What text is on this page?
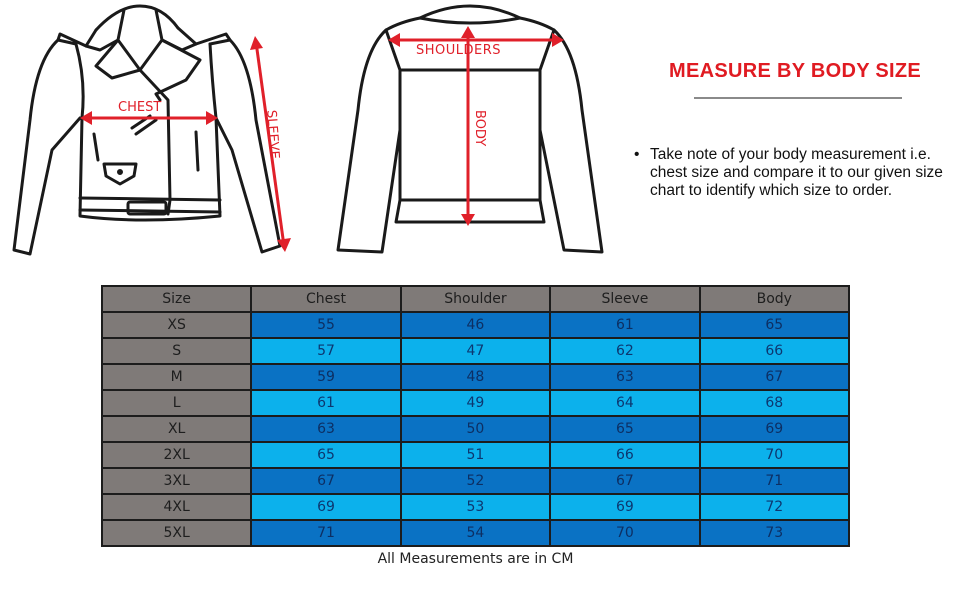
CHEST
SLEEVE
SHOULDERS
BODY
MEASURE BY BODY SIZE
• Take note of your body measurement i.e. chest size and compare it to our given size chart to identify which size to order.
Size	Chest	Shoulder	Sleeve	Body
XS	55	46	61	65
S	57	47	62	66
M	59	48	63	67
L	61	49	64	68
XL	63	50	65	69
2XL	65	51	66	70
3XL	67	52	67	71
4XL	69	53	69	72
5XL	71	54	70	73
All Measurements are in CM
